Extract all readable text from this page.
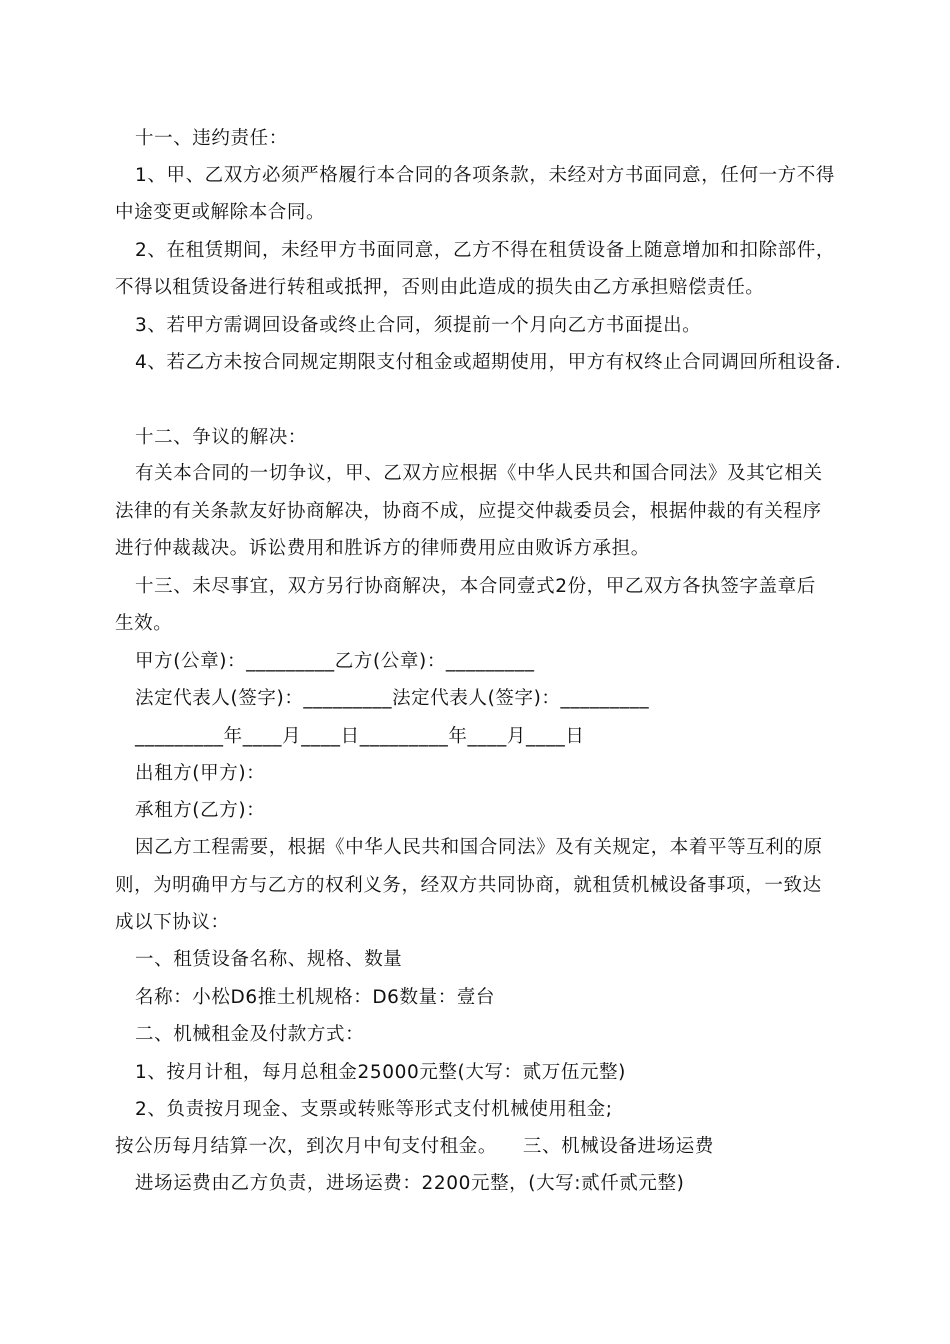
十一、违约责任：
1、甲、乙双方必须严格履行本合同的各项条款，未经对方书面同意，任何一方不得
中途变更或解除本合同。
2、在租赁期间，未经甲方书面同意，乙方不得在租赁设备上随意增加和扣除部件，
不得以租赁设备进行转租或抵押，否则由此造成的损失由乙方承担赔偿责任。
3、若甲方需调回设备或终止合同，须提前一个月向乙方书面提出。
4、若乙方未按合同规定期限支付租金或超期使用，甲方有权终止合同调回所租设备.
十二、争议的解决：
有关本合同的一切争议，甲、乙双方应根据《中华人民共和国合同法》及其它相关
法律的有关条款友好协商解决，协商不成，应提交仲裁委员会，根据仲裁的有关程序
进行仲裁裁决。诉讼费用和胜诉方的律师费用应由败诉方承担。
十三、未尽事宜，双方另行协商解决，本合同壹式2份，甲乙双方各执签字盖章后
生效。
甲方(公章)：_________乙方(公章)：_________
法定代表人(签字)：_________法定代表人(签字)：_________
_________年____月____日_________年____月____日
出租方(甲方)：
承租方(乙方)：
因乙方工程需要，根据《中华人民共和国合同法》及有关规定，本着平等互利的原
则，为明确甲方与乙方的权利义务，经双方共同协商，就租赁机械设备事项，一致达
成以下协议：
一、租赁设备名称、规格、数量
名称：小松D6推土机规格：D6数量：壹台
二、机械租金及付款方式：
1、按月计租，每月总租金25000元整(大写：贰万伍元整)
2、负责按月现金、支票或转账等形式支付机械使用租金;
按公历每月结算一次，到次月中旬支付租金。    三、机械设备进场运费
进场运费由乙方负责，进场运费：2200元整，(大写:贰仟贰元整)
